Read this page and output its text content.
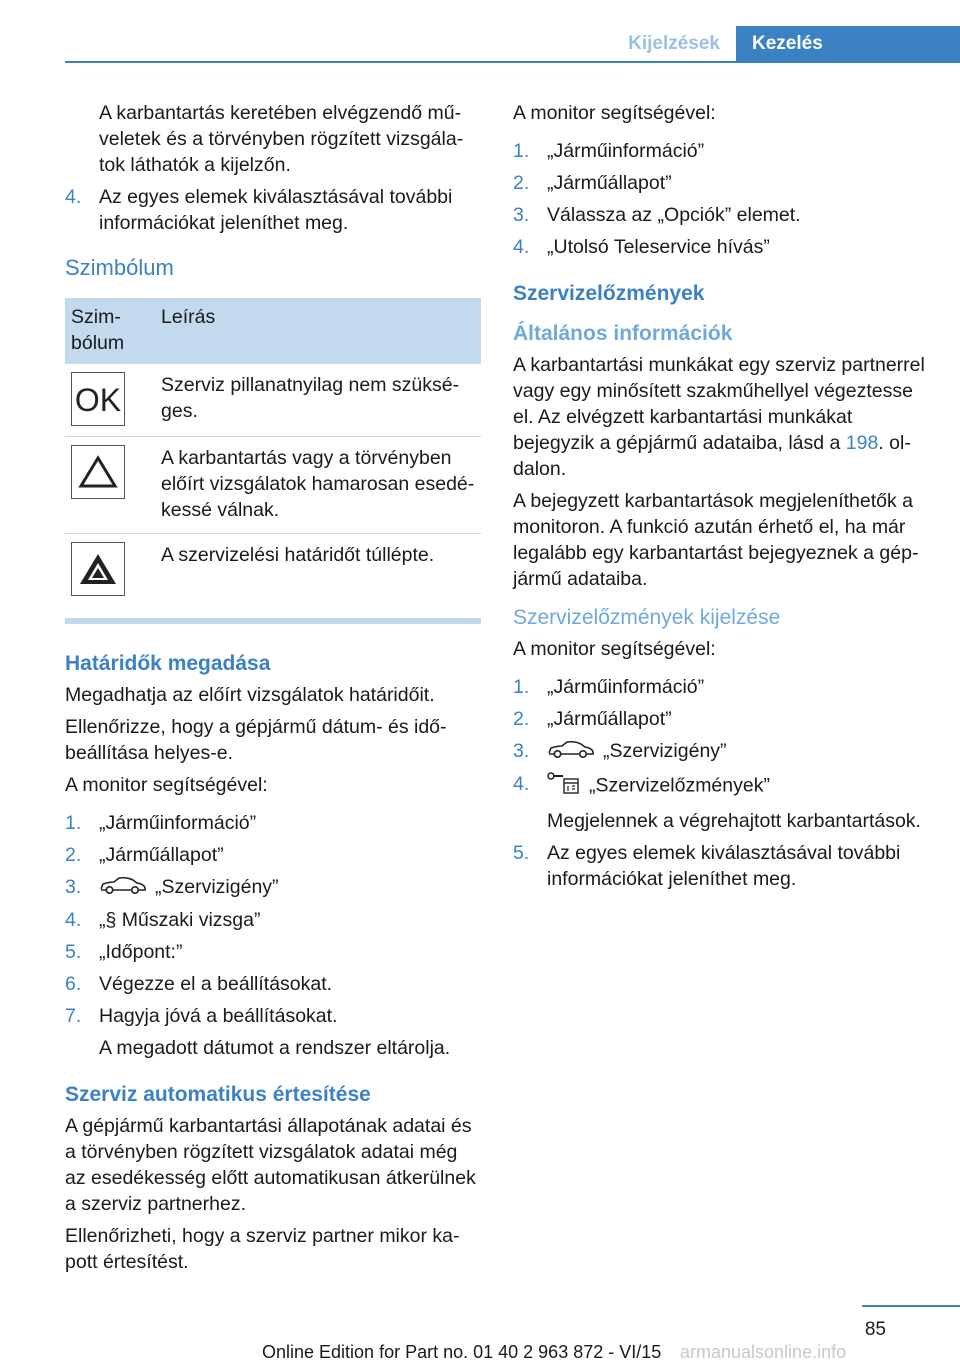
Kijelzések	Kezelés

A karbantartás keretében elvégzendő műveletek és a törvényben rögzített vizsgálatok láthatók a kijelzőn.

4. Az egyes elemek kiválasztásával további információkat jeleníthet meg.
Szimbólum
Szimbólum	Leírás

OK	Szerviz pillanatnyilag nem szükséges.

	A karbantartás vagy a törvényben előírt vizsgálatok hamarosan esedékessé válnak.

	A szervizelési határidőt túllépte.
Határidők megadása

Megadhatja az előírt vizsgálatok határidőit.

Ellenőrizze, hogy a gépjármű dátum- és időbeállítása helyes-e.

A monitor segítségével:

1. „Járműinformáció”
2. „Járműállapot”
3.	„Szervizigény”
4. „§ Műszaki vizsga”
5. „Időpont:”
6. Végezze el a beállításokat.
7. Hagyja jóvá a beállításokat.

A megadott dátumot a rendszer eltárolja.

Szerviz automatikus értesítése

A gépjármű karbantartási állapotának adatai és a törvényben rögzített vizsgálatok adatai még az esedékesség előtt automatikusan átkerülnek a szerviz partnerhez.

Ellenőrizheti, hogy a szerviz partner mikor kapott értesítést.

A monitor segítségével:

1. „Járműinformáció”
2. „Járműállapot”
3. Válassza az „Opciók” elemet.
4. „Utolsó Teleservice hívás”
Szervizelőzmények
Általános információk

A karbantartási munkákat egy szerviz partnerrel vagy egy minősített szakműhellyel végeztesse el. Az elvégzett karbantartási munkákat bejegyzik a gépjármű adataiba, lásd a 198. oldalon.

A bejegyzett karbantartások megjeleníthetők a monitoron. A funkció azután érhető el, ha már legalább egy karbantartást bejegyeznek a gépjármű adataiba.

Szervizelőzmények kijelzése

A monitor segítségével:

1. „Járműinformáció”
2. „Járműállapot”
3.	„Szervizigény”
4.	„Szervizelőzmények”

Megjelennek a végrehajtott karbantartások.

5. Az egyes elemek kiválasztásával további információkat jeleníthet meg.
85
Online Edition for Part no. 01 40 2 963 872 - VI/15 armanualsonline.info
